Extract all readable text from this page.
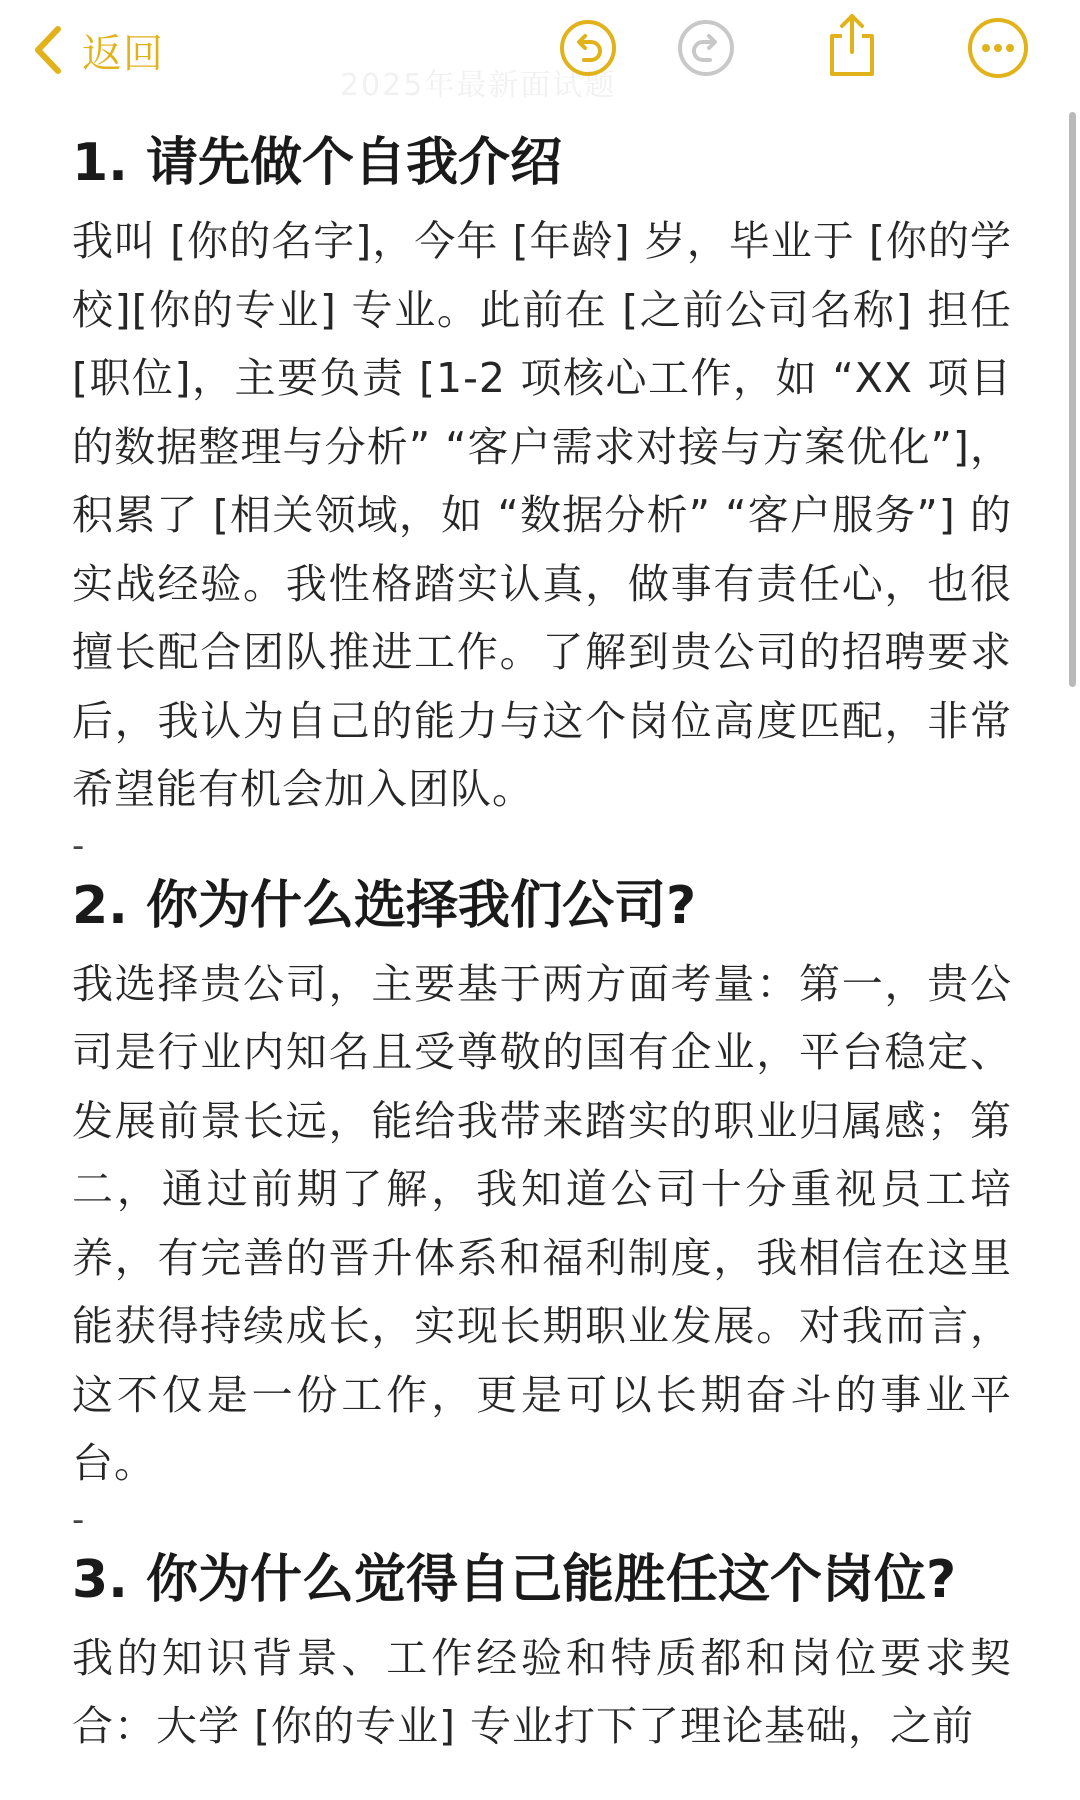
返回
2025年最新面试题
1. 请先做个自我介绍

我叫 [你的名字]，今年 [年龄] 岁，毕业于 [你的学校][你的专业] 专业。此前在 [之前公司名称] 担任 [职位]，主要负责 [1-2 项核心工作，如 “XX 项目的数据整理与分析” “客户需求对接与方案优化”]，积累了 [相关领域，如 “数据分析” “客户服务”] 的实战经验。我性格踏实认真，做事有责任心，也很擅长配合团队推进工作。了解到贵公司的招聘要求后，我认为自己的能力与这个岗位高度匹配，非常希望能有机会加入团队。

-
2. 你为什么选择我们公司?

我选择贵公司，主要基于两方面考量：第一，贵公司是行业内知名且受尊敬的国有企业，平台稳定、发展前景长远，能给我带来踏实的职业归属感；第二，通过前期了解，我知道公司十分重视员工培养，有完善的晋升体系和福利制度，我相信在这里能获得持续成长，实现长期职业发展。对我而言，这不仅是一份工作，更是可以长期奋斗的事业平台。

-
3. 你为什么觉得自己能胜任这个岗位?

我的知识背景、工作经验和特质都和岗位要求契合：大学 [你的专业] 专业打下了理论基础，之前
